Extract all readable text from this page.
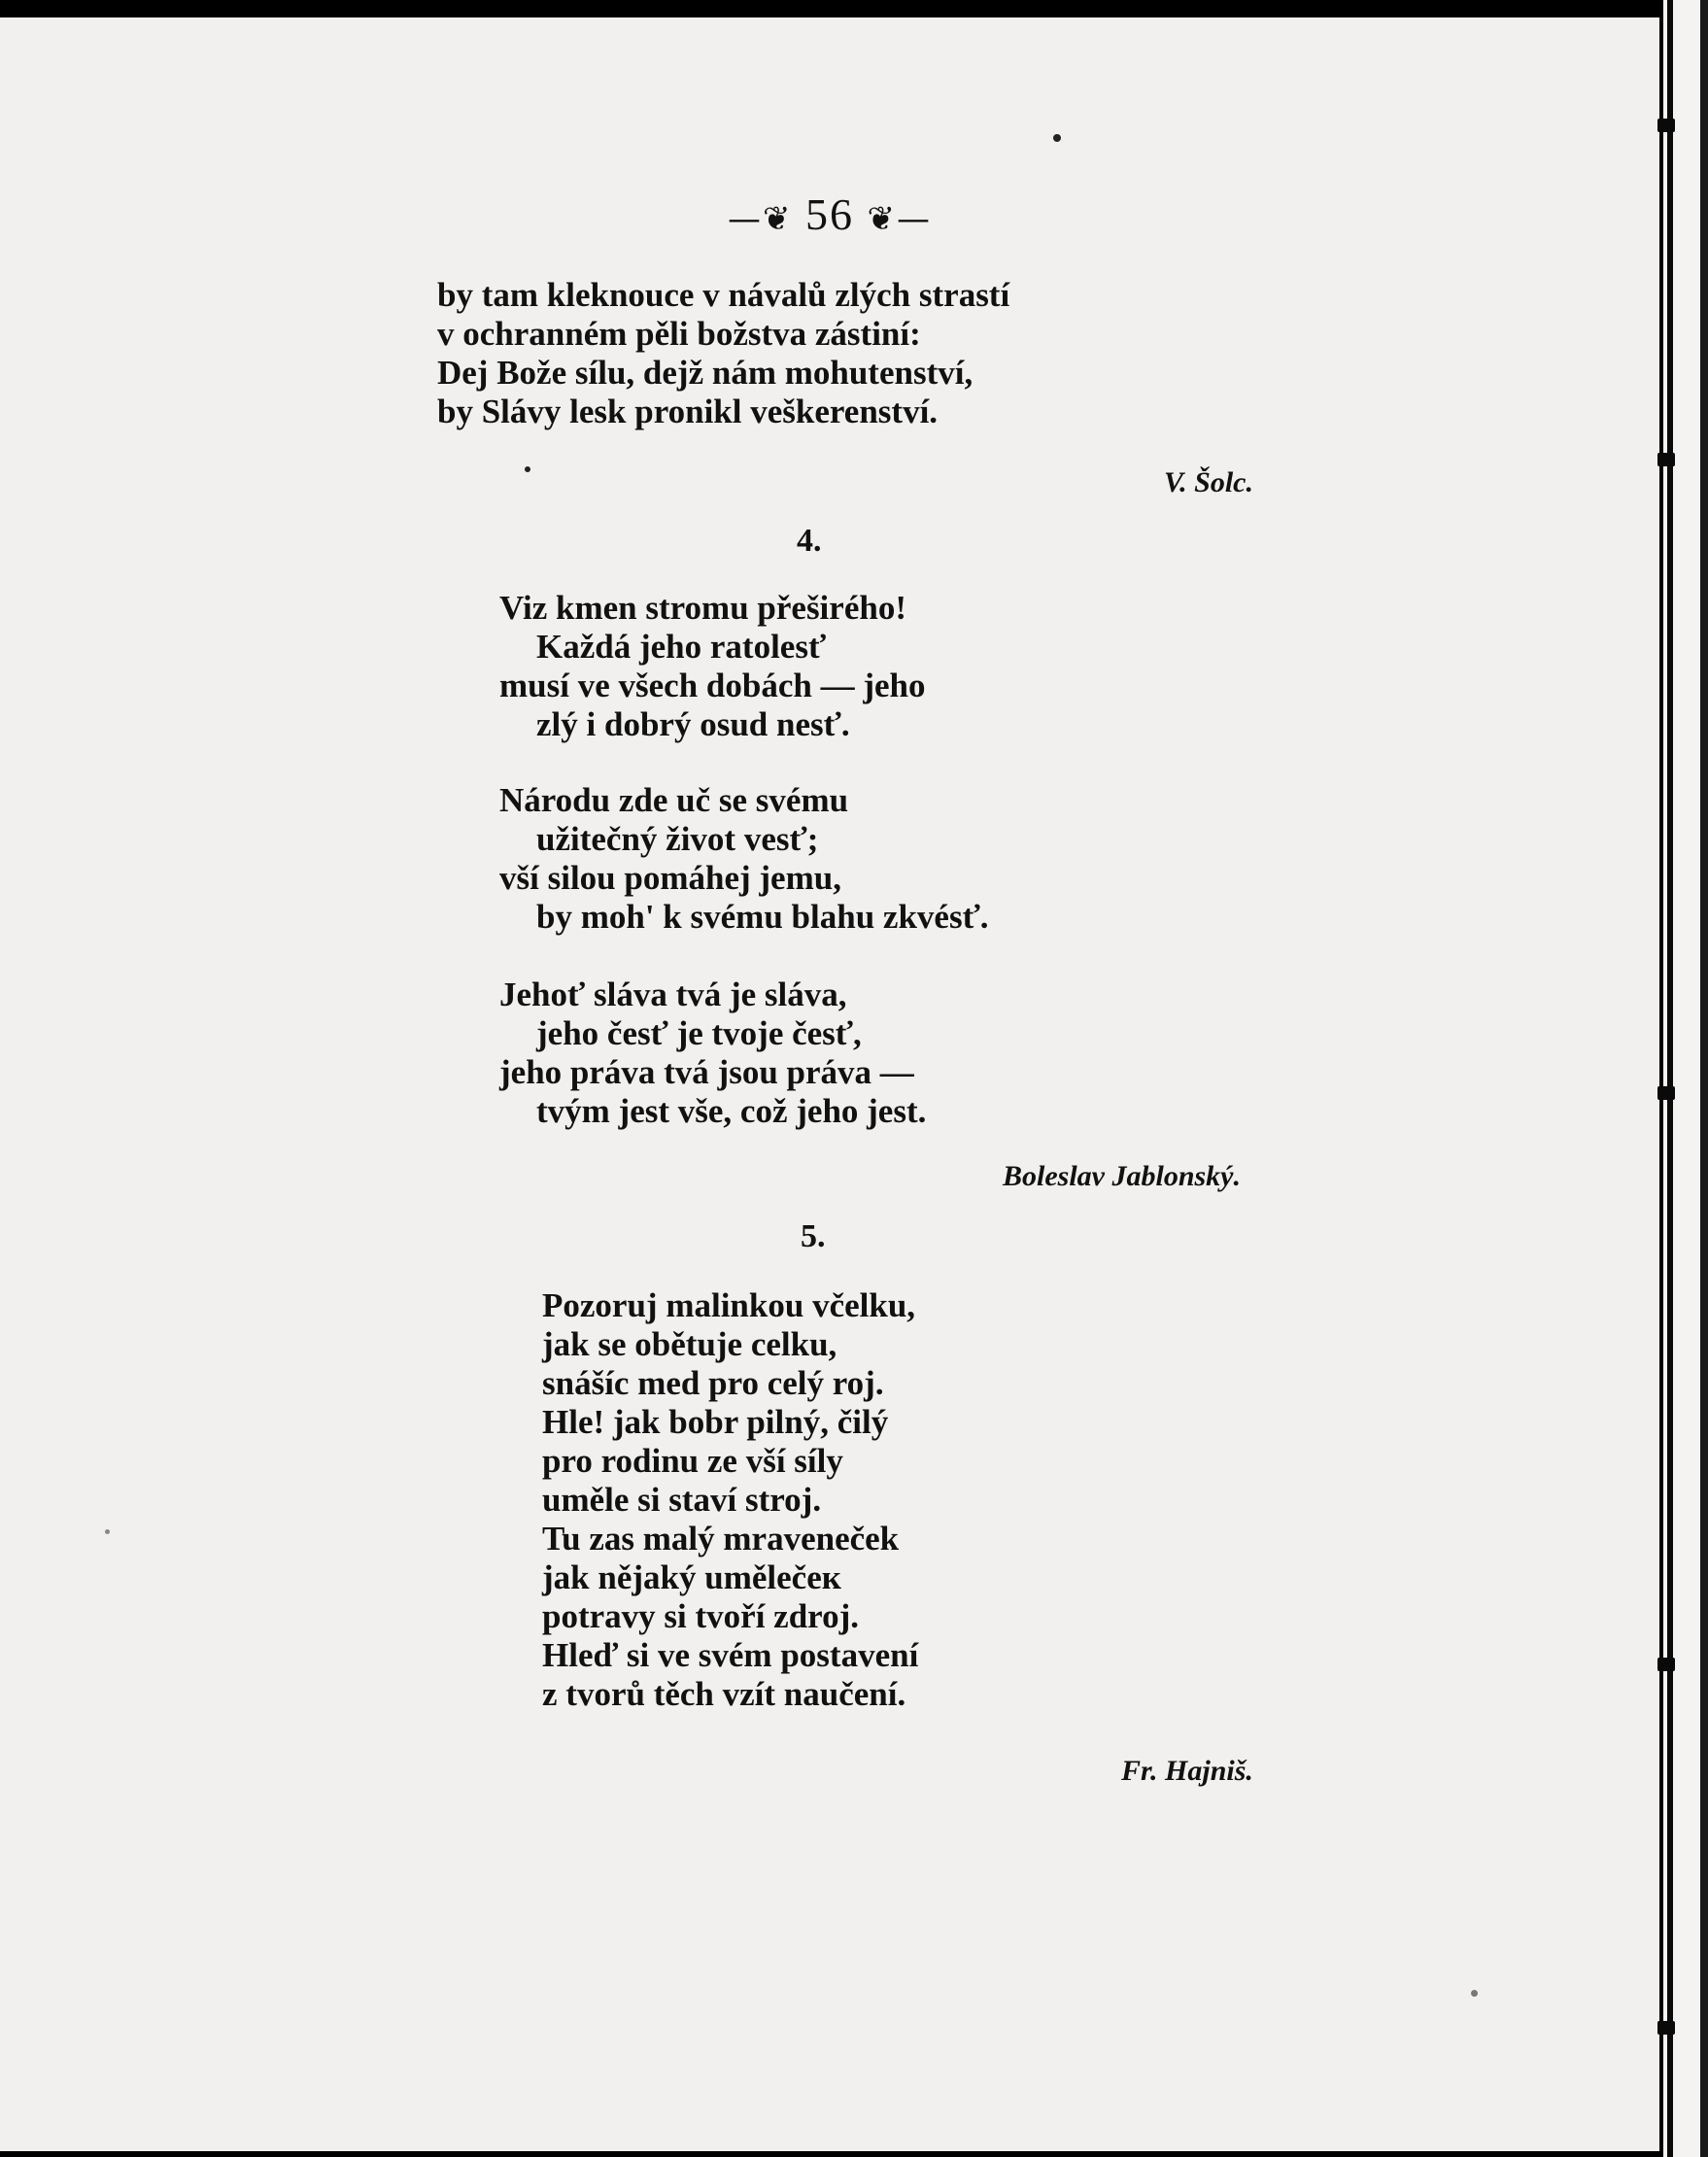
—❦ 56 ❦—
by tam kleknouce v návalů zlých strastí
v ochranném pěli božstva zástiní:
Dej Bože sílu, dejž nám mohutenství,
by Slávy lesk pronikl veškerenství.
V. Šolc.
4.
Viz kmen stromu přeširého!
Každá jeho ratolesť
musí ve všech dobách — jeho
zlý i dobrý osud nesť.
Národu zde uč se svému
užitečný život vesť;
vší silou pomáhej jemu,
by moh' k svému blahu zkvésť.
Jehoť sláva tvá je sláva,
jeho česť je tvoje česť,
jeho práva tvá jsou práva —
tvým jest vše, což jeho jest.
Boleslav Jablonský.
5.
Pozoruj malinkou včelku,
jak se obětuje celku,
snášíc med pro celý roj.
Hle! jak bobr pilný, čilý
pro rodinu ze vší síly
uměle si staví stroj.
Tu zas malý mraveneček
jak nějaký umělečeк
potravy si tvoří zdroj.
Hleď si ve svém postavení
z tvorů těch vzít naučení.
Fr. Hajniš.
